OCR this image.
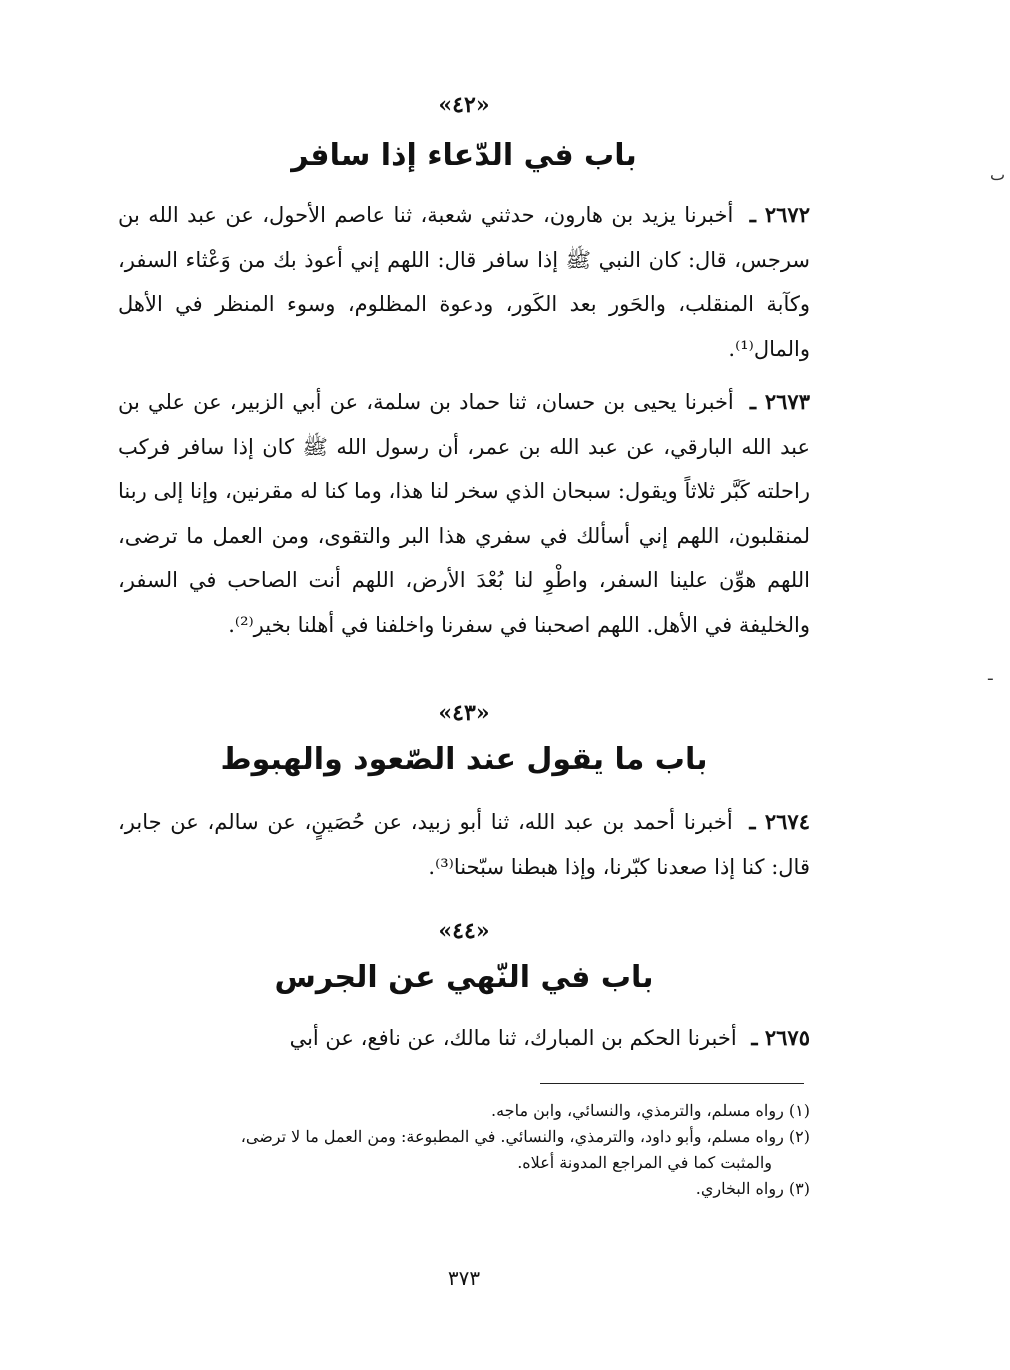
«٤٢»
باب في الدّعاء إذا سافر

٢٦٧٢ ـ أخبرنا يزيد بن هارون، حدثني شعبة، ثنا عاصم الأحول، عن عبد الله بن سرجس، قال: كان النبي ﷺ إذا سافر قال: اللهم إني أعوذ بك من وَعْثاء السفر، وكآبة المنقلب، والحَور بعد الكَور، ودعوة المظلوم، وسوء المنظر في الأهل والمال⁽¹⁾.

٢٦٧٣ ـ أخبرنا يحيى بن حسان، ثنا حماد بن سلمة، عن أبي الزبير، عن علي بن عبد الله البارقي، عن عبد الله بن عمر، أن رسول الله ﷺ كان إذا سافر فركب راحلته كَبَّر ثلاثاً ويقول: سبحان الذي سخر لنا هذا، وما كنا له مقرنين، وإنا إلى ربنا لمنقلبون، اللهم إني أسألك في سفري هذا البر والتقوى، ومن العمل ما ترضى، اللهم هوِّن علينا السفر، واطْوِ لنا بُعْدَ الأرض، اللهم أنت الصاحب في السفر، والخليفة في الأهل. اللهم اصحبنا في سفرنا واخلفنا في أهلنا بخير⁽²⁾.

«٤٣»
باب ما يقول عند الصّعود والهبوط

٢٦٧٤ ـ أخبرنا أحمد بن عبد الله، ثنا أبو زبيد، عن حُصَينٍ، عن سالم، عن جابر، قال: كنا إذا صعدنا كبّرنا، وإذا هبطنا سبّحنا⁽³⁾.

«٤٤»
باب في النّهي عن الجرس

٢٦٧٥ ـ أخبرنا الحكم بن المبارك، ثنا مالك، عن نافع، عن أبي

(١) رواه مسلم، والترمذي، والنسائي، وابن ماجه.

(٢) رواه مسلم، وأبو داود، والترمذي، والنسائي. في المطبوعة: ومن العمل ما لا ترضى،

والمثبت كما في المراجع المدونة أعلاه.

(٣) رواه البخاري.

٣٧٣
ٮ
ـ
